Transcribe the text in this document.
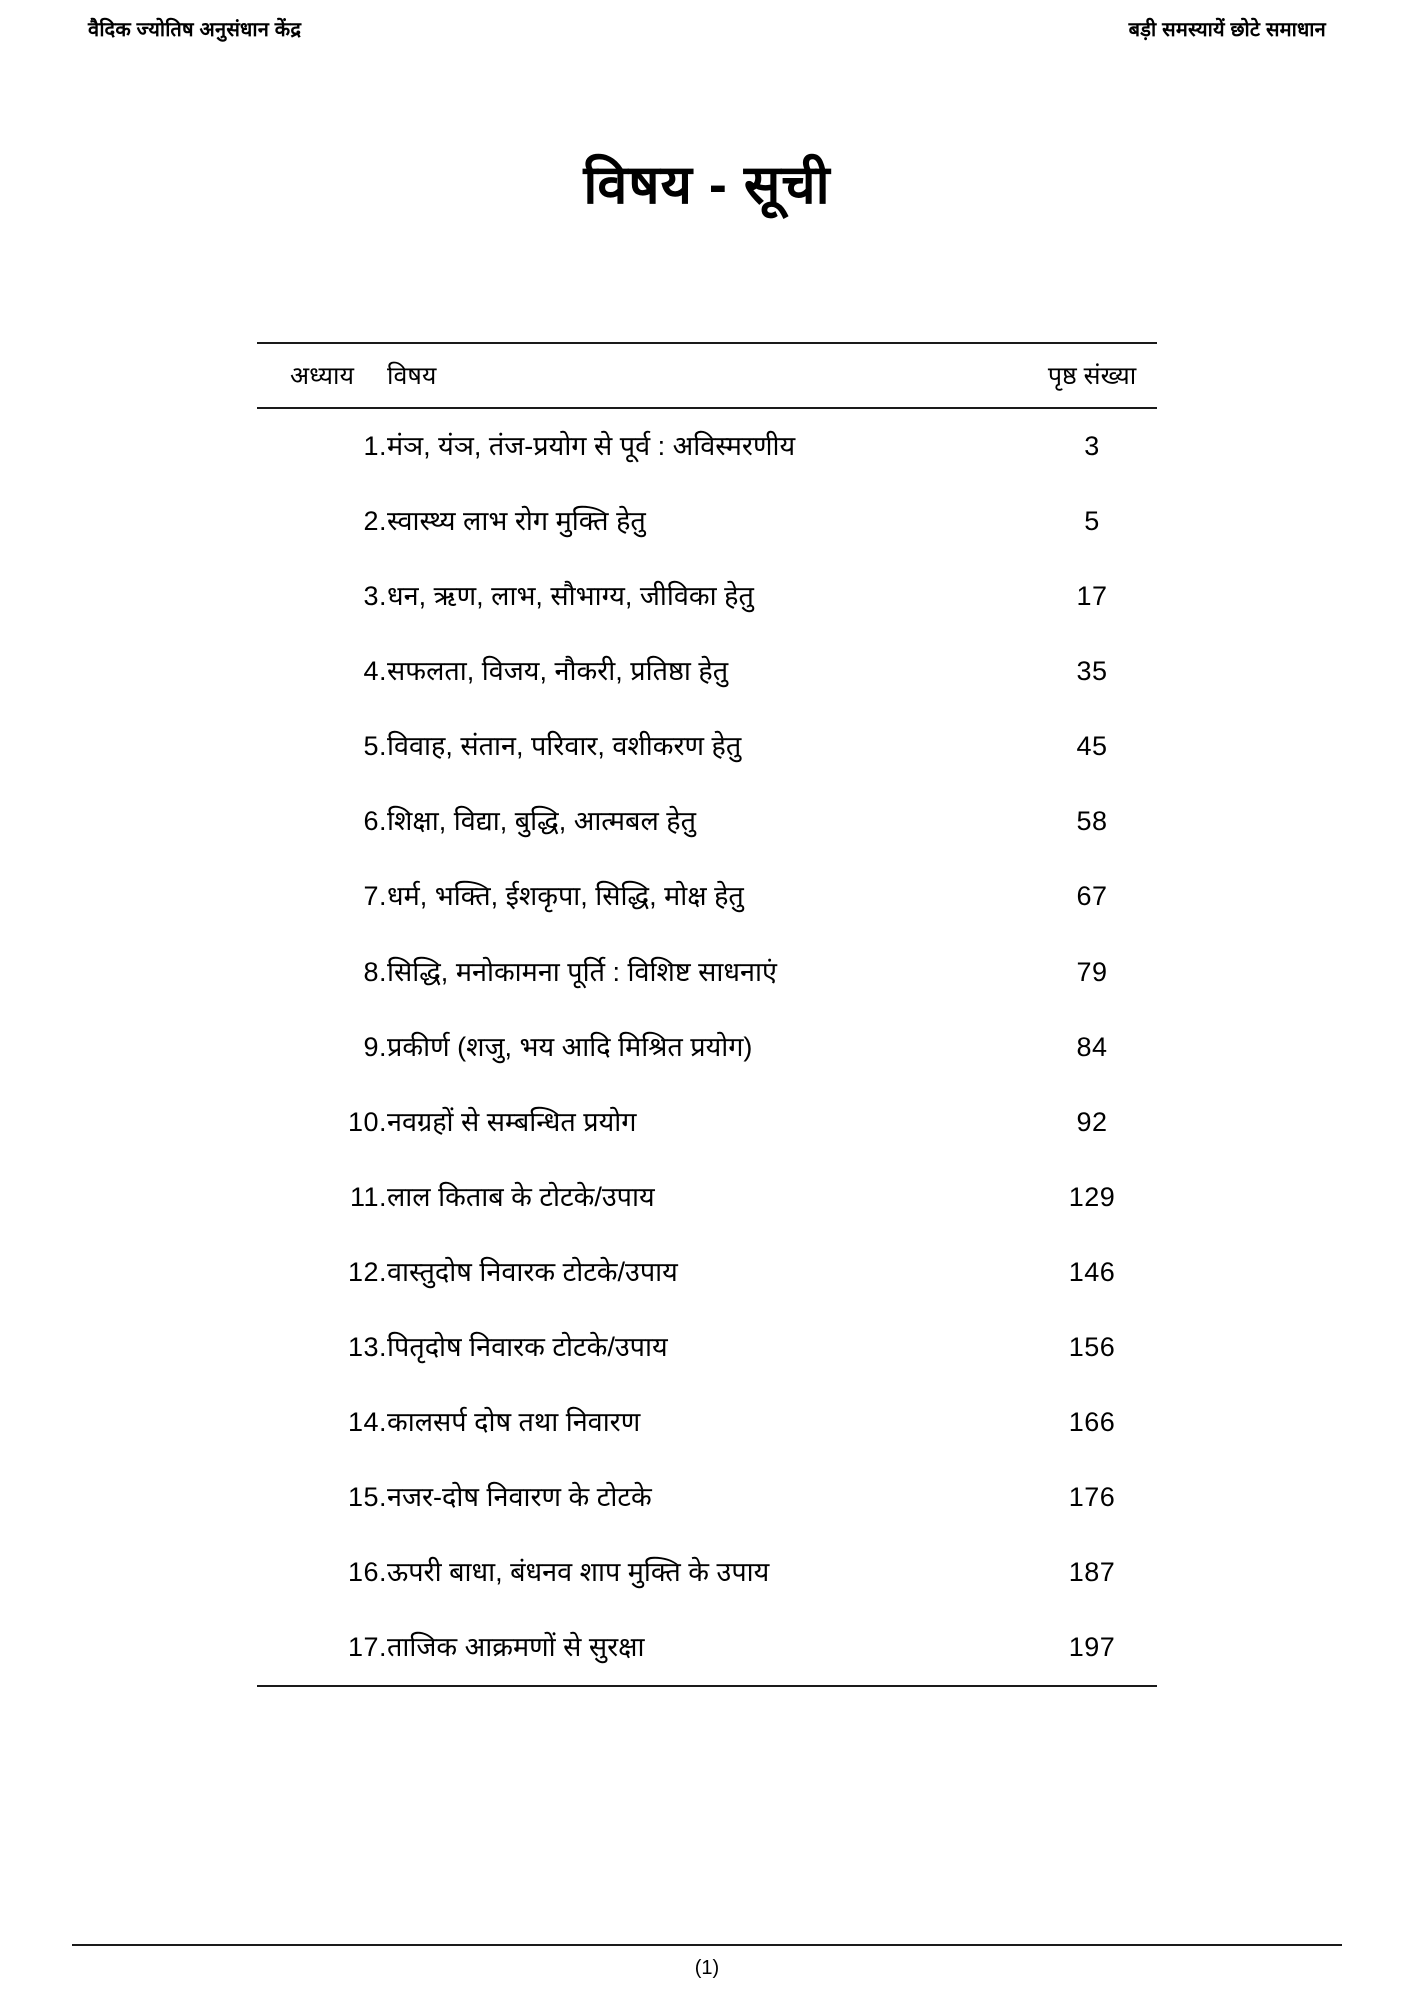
वैदिक ज्योतिष अनुसंधान केंद्र	बड़ी समस्यायें छोटे समाधान
विषय - सूची
अध्याय	विषय	पृष्ठ संख्या
1.	मंञ, यंञ, तंज-प्रयोग से पूर्व : अविस्मरणीय	3
2.	स्वास्थ्य लाभ रोग मुक्ति हेतु	5
3.	धन, ऋण, लाभ, सौभाग्य, जीविका हेतु	17
4.	सफलता, विजय, नौकरी, प्रतिष्ठा हेतु	35
5.	विवाह, संतान, परिवार, वशीकरण हेतु	45
6.	शिक्षा, विद्या, बुद्धि, आत्मबल हेतु	58
7.	धर्म, भक्ति, ईशकृपा, सिद्धि, मोक्ष हेतु	67
8.	सिद्धि, मनोकामना पूर्ति : विशिष्ट साधनाएं	79
9.	प्रकीर्ण (शजु, भय आदि मिश्रित प्रयोग)	84
10.	नवग्रहों से सम्बन्धित प्रयोग	92
11.	लाल किताब के टोटके/उपाय	129
12.	वास्तुदोष निवारक टोटके/उपाय	146
13.	पितृदोष निवारक टोटके/उपाय	156
14.	कालसर्प दोष तथा निवारण	166
15.	नजर-दोष निवारण के टोटके	176
16.	ऊपरी बाधा, बंधनव शाप मुक्ति के उपाय	187
17.	ताजिक आक्रमणों से सुरक्षा	197
(1)
